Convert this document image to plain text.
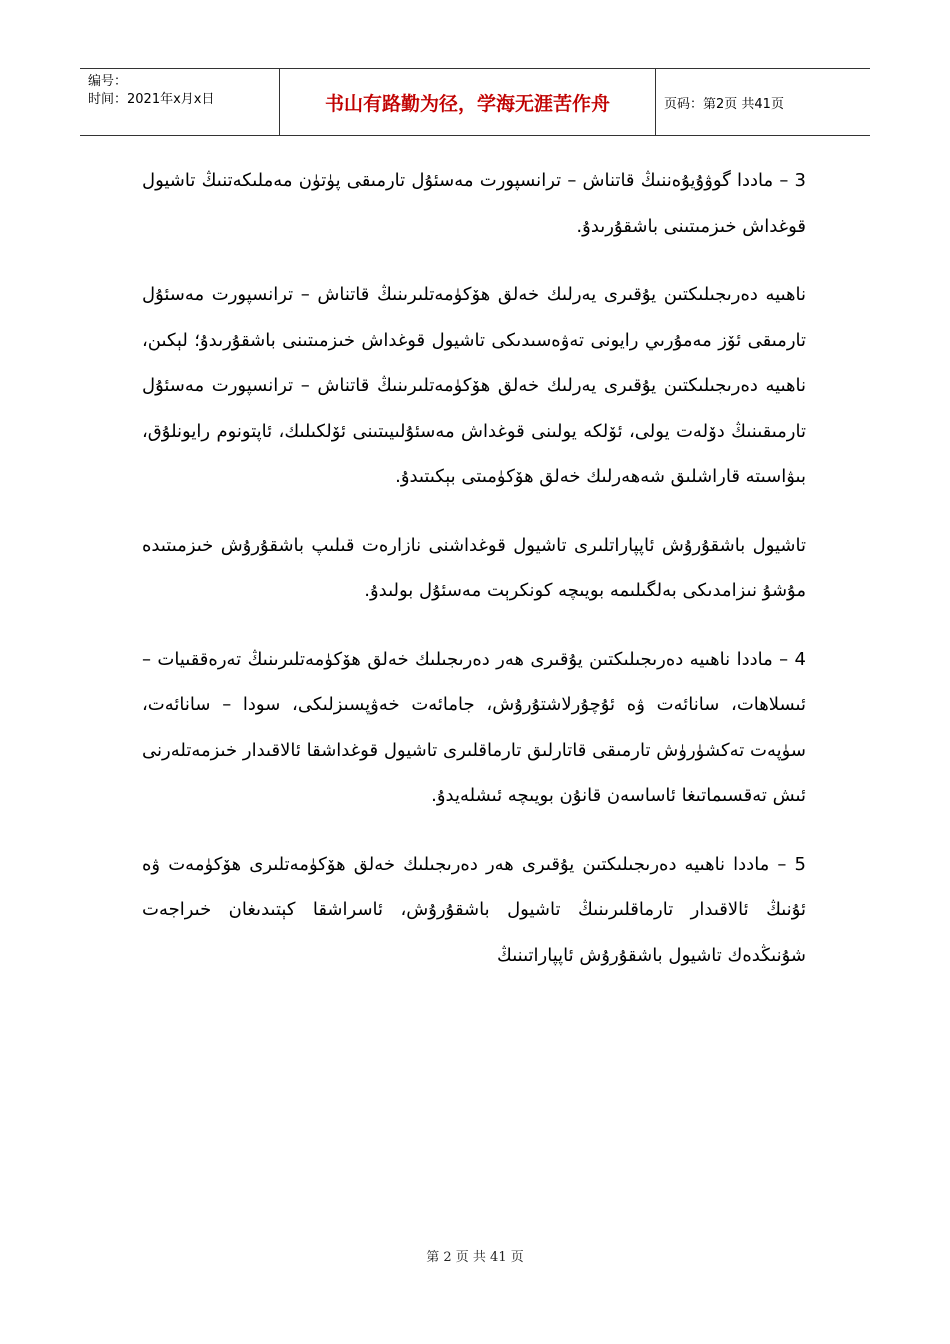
编号：
时间：2021年x月x日	书山有路勤为径，学海无涯苦作舟	页码：第2页 共41页

3 – ماددا گوۋۇيۇەننىڭ قاتناش – ترانسپورت مەسئۇل تارمىقى پۈتۈن مەملىكەتنىڭ تاشيول قوغداش خىزمىتىنى باشقۇرىدۇ.

ناھىيە دەرىجىلىكتىن يۇقىرى يەرلىك خەلق ھۆكۈمەتلىرىنىڭ قاتناش – ترانسپورت مەسئۇل تارمىقى ئۆز مەمۇرىي رايونى تەۋەسىدىكى تاشيول قوغداش خىزمىتىنى باشقۇرىدۇ؛ لېكىن، ناھىيە دەرىجىلىكتىن يۇقىرى يەرلىك خەلق ھۆكۈمەتلىرىنىڭ قاتناش – ترانسپورت مەسئۇل تارمىقىنىڭ دۆلەت يولى، ئۆلكە يولىنى قوغداش مەسئۇلىيىتىنى ئۆلكىلىك، ئاپتونوم رايونلۇق، بىۋاسىتە قاراشلىق شەھەرلىك خەلق ھۆكۈمىتى بېكىتىدۇ.

تاشيول باشقۇرۇش ئاپپاراتلىرى تاشيول قوغداشنى نازارەت قىلىپ باشقۇرۇش خىزمىتىدە مۇشۇ نىزامدىكى بەلگىلىمە بويىچە كونكرېت مەسئۇل بولىدۇ.

4 – ماددا ناھىيە دەرىجىلىكتىن يۇقىرى ھەر دەرىجىلىك خەلق ھۆكۈمەتلىرىنىڭ تەرەققىيات – ئىسلاھات، سانائەت ۋە ئۇچۇرلاشتۇرۇش، جامائەت خەۋپسىزلىكى، سودا – سانائەت، سۈپەت تەكشۈرۈش تارمىقى قاتارلىق تارماقلىرى تاشيول قوغداشقا ئالاقىدار خىزمەتلەرنى ئىش تەقسىماتىغا ئاساسەن قانۇن بويىچە ئىشلەيدۇ.

5 – ماددا ناھىيە دەرىجىلىكتىن يۇقىرى ھەر دەرىجىلىك خەلق ھۆكۈمەتلىرى ھۆكۈمەت ۋە ئۇنىڭ ئالاقىدار تارماقلىرىنىڭ تاشيول باشقۇرۇش، ئاسراشقا كېتىدىغان خىراجەت شۇنىڭدەك تاشيول باشقۇرۇش ئاپپاراتىنىڭ

第 2 页 共 41 页
